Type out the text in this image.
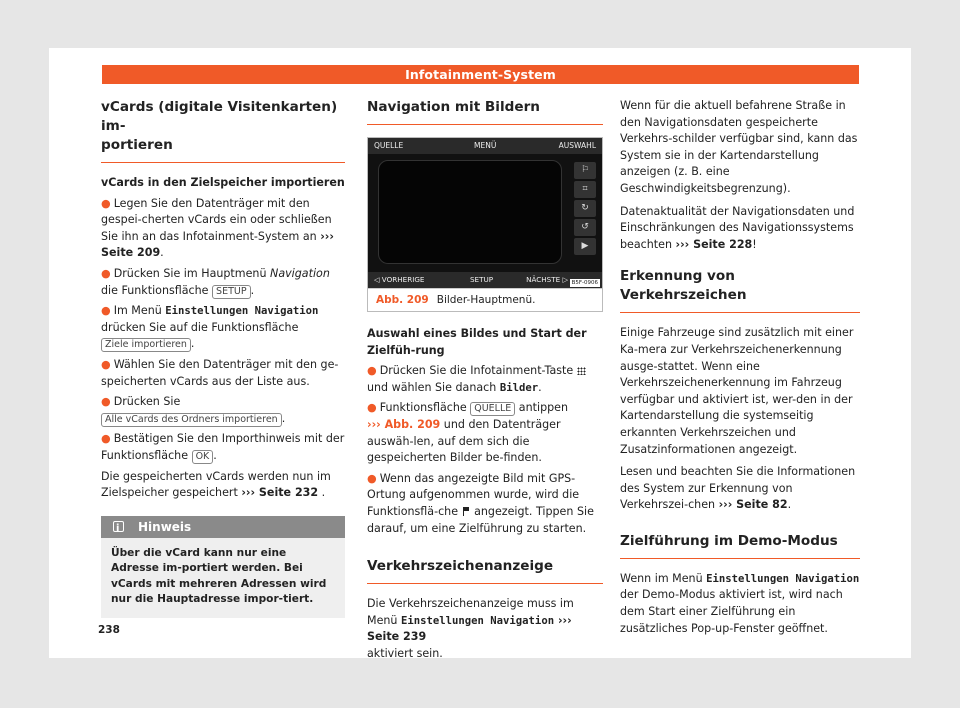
Infotainment-System
vCards (digitale Visitenkarten) im-
portieren
vCards in den Zielspeicher importieren
● Legen Sie den Datenträger mit den gespei-cherten vCards ein oder schließen Sie ihn an das Infotainment-System an ››› Seite 209.
● Drücken Sie im Hauptmenü Navigation die Funktionsfläche SETUP .
● Im Menü Einstellungen Navigation drücken Sie auf die Funktionsfläche Ziele importieren .
● Wählen Sie den Datenträger mit den ge-speicherten vCards aus der Liste aus.
● Drücken Sie
Alle vCards des Ordners importieren .
● Bestätigen Sie den Importhinweis mit der Funktionsfläche OK .

Die gespeicherten vCards werden nun im Zielspeicher gespeichert ››› Seite 232 .

i
Hinweis
Über die vCard kann nur eine Adresse im-portiert werden. Bei vCards mit mehreren Adressen wird nur die Hauptadresse impor-tiert.
Navigation mit Bildern
QUELLE	MENÜ	AUSWAHL
⚐
⌗
↻
↺
▶
◁ VORHERIGE	SETUP	NÄCHSTE ▷ B5F-0906
Abb. 209 Bilder-Hauptmenü.
Auswahl eines Bildes und Start der Zielfüh-rung
● Drücken Sie die Infotainment-Taste  und wählen Sie danach Bilder.
● Funktionsfläche QUELLE antippen
››› Abb. 209 und den Datenträger auswäh-len, auf dem sich die gespeicherten Bilder be-finden.
● Wenn das angezeigte Bild mit GPS-Ortung aufgenommen wurde, wird die Funktionsflä-che  angezeigt. Tippen Sie darauf, um eine Zielführung zu starten.
Verkehrszeichenanzeige

Die Verkehrszeichenanzeige muss im Menü Einstellungen Navigation ››› Seite 239
aktiviert sein.

Wenn für die aktuell befahrene Straße in den Navigationsdaten gespeicherte Verkehrs-schilder verfügbar sind, kann das System sie in der Kartendarstellung anzeigen (z. B. eine Geschwindigkeitsbegrenzung).

Datenaktualität der Navigationsdaten und Einschränkungen des Navigationssystems beachten ››› Seite 228!

Erkennung von Verkehrszeichen

Einige Fahrzeuge sind zusätzlich mit einer Ka-mera zur Verkehrszeichenerkennung ausge-stattet. Wenn eine Verkehrszeichenerkennung im Fahrzeug verfügbar und aktiviert ist, wer-den in der Kartendarstellung die systemseitig erkannten Verkehrszeichen und Zusatzinformationen angezeigt.

Lesen und beachten Sie die Informationen des System zur Erkennung von Verkehrszei-chen ››› Seite 82.

Zielführung im Demo-Modus

Wenn im Menü Einstellungen Navigation der Demo-Modus aktiviert ist, wird nach dem Start einer Zielführung ein zusätzliches Pop-up-Fenster geöffnet.

238
